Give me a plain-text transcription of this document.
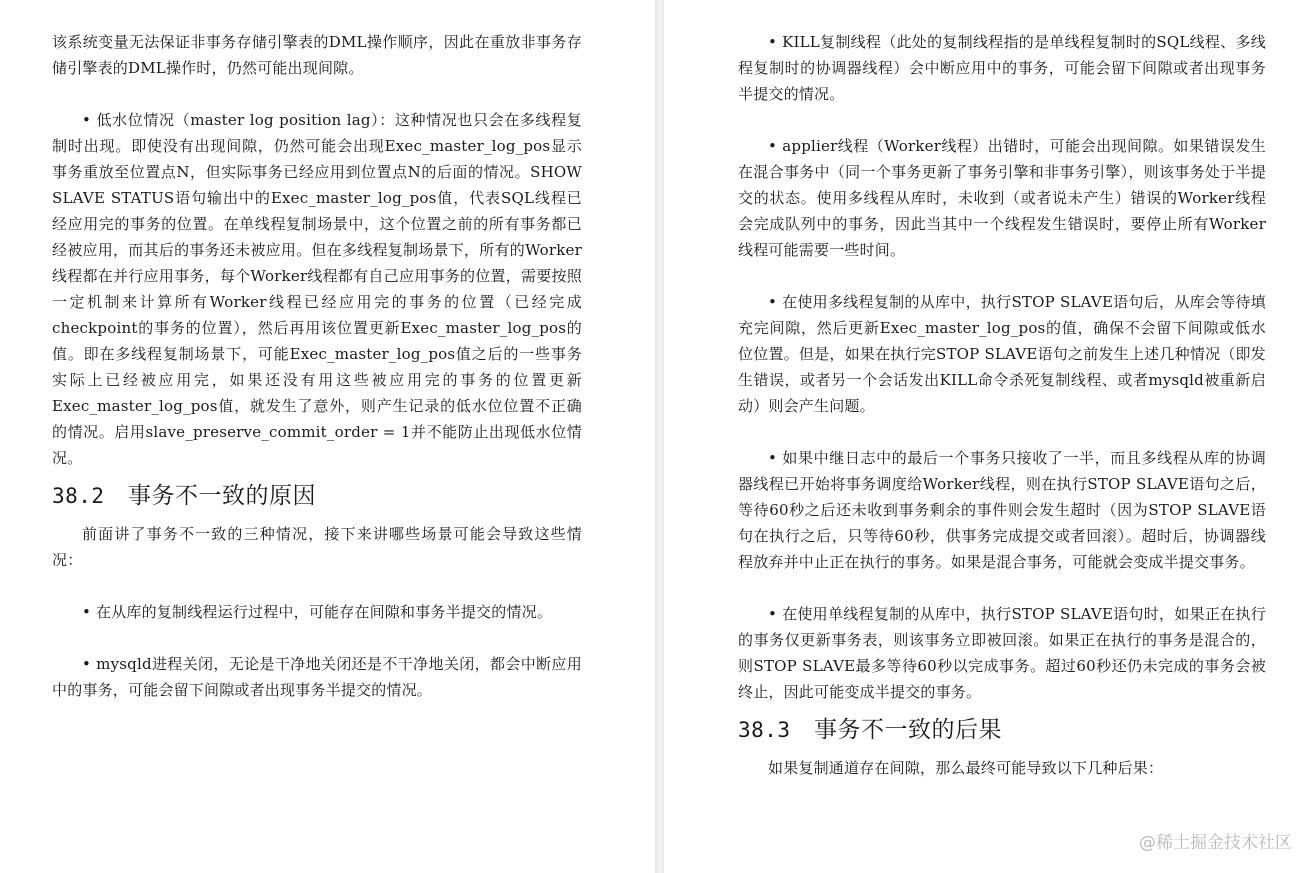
该系统变量无法保证非事务存储引擎表的DML操作顺序，因此在重放非事务存储引擎表的DML操作时，仍然可能出现间隙。

• 低水位情况（master log position lag）：这种情况也只会在多线程复制时出现。即使没有出现间隙，仍然可能会出现Exec_master_log_pos显示事务重放至位置点N，但实际事务已经应用到位置点N的后面的情况。SHOW SLAVE STATUS语句输出中的Exec_master_log_pos值，代表SQL线程已经应用完的事务的位置。在单线程复制场景中，这个位置之前的所有事务都已经被应用，而其后的事务还未被应用。但在多线程复制场景下，所有的Worker线程都在并行应用事务，每个Worker线程都有自己应用事务的位置，需要按照一定机制来计算所有Worker线程已经应用完的事务的位置（已经完成checkpoint的事务的位置），然后再用该位置更新Exec_master_log_pos的值。即在多线程复制场景下，可能Exec_master_log_pos值之后的一些事务实际上已经被应用完，如果还没有用这些被应用完的事务的位置更新Exec_master_log_pos值，就发生了意外，则产生记录的低水位位置不正确的情况。启用slave_preserve_commit_order = 1并不能防止出现低水位情况。

38.2 事务不一致的原因

前面讲了事务不一致的三种情况，接下来讲哪些场景可能会导致这些情况：

• 在从库的复制线程运行过程中，可能存在间隙和事务半提交的情况。

• mysqld进程关闭，无论是干净地关闭还是不干净地关闭，都会中断应用中的事务，可能会留下间隙或者出现事务半提交的情况。

• KILL复制线程（此处的复制线程指的是单线程复制时的SQL线程、多线程复制时的协调器线程）会中断应用中的事务，可能会留下间隙或者出现事务半提交的情况。

• applier线程（Worker线程）出错时，可能会出现间隙。如果错误发生在混合事务中（同一个事务更新了事务引擎和非事务引擎），则该事务处于半提交的状态。使用多线程从库时，未收到（或者说未产生）错误的Worker线程会完成队列中的事务，因此当其中一个线程发生错误时，要停止所有Worker线程可能需要一些时间。

• 在使用多线程复制的从库中，执行STOP SLAVE语句后，从库会等待填充完间隙，然后更新Exec_master_log_pos的值，确保不会留下间隙或低水位位置。但是，如果在执行完STOP SLAVE语句之前发生上述几种情况（即发生错误，或者另一个会话发出KILL命令杀死复制线程、或者mysqld被重新启动）则会产生问题。

• 如果中继日志中的最后一个事务只接收了一半，而且多线程从库的协调器线程已开始将事务调度给Worker线程，则在执行STOP SLAVE语句之后，等待60秒之后还未收到事务剩余的事件则会发生超时（因为STOP SLAVE语句在执行之后，只等待60秒，供事务完成提交或者回滚）。超时后，协调器线程放弃并中止正在执行的事务。如果是混合事务，可能就会变成半提交事务。

• 在使用单线程复制的从库中，执行STOP SLAVE语句时，如果正在执行的事务仅更新事务表，则该事务立即被回滚。如果正在执行的事务是混合的，则STOP SLAVE最多等待60秒以完成事务。超过60秒还仍未完成的事务会被终止，因此可能变成半提交的事务。

38.3 事务不一致的后果

如果复制通道存在间隙，那么最终可能导致以下几种后果：

@稀土掘金技术社区
